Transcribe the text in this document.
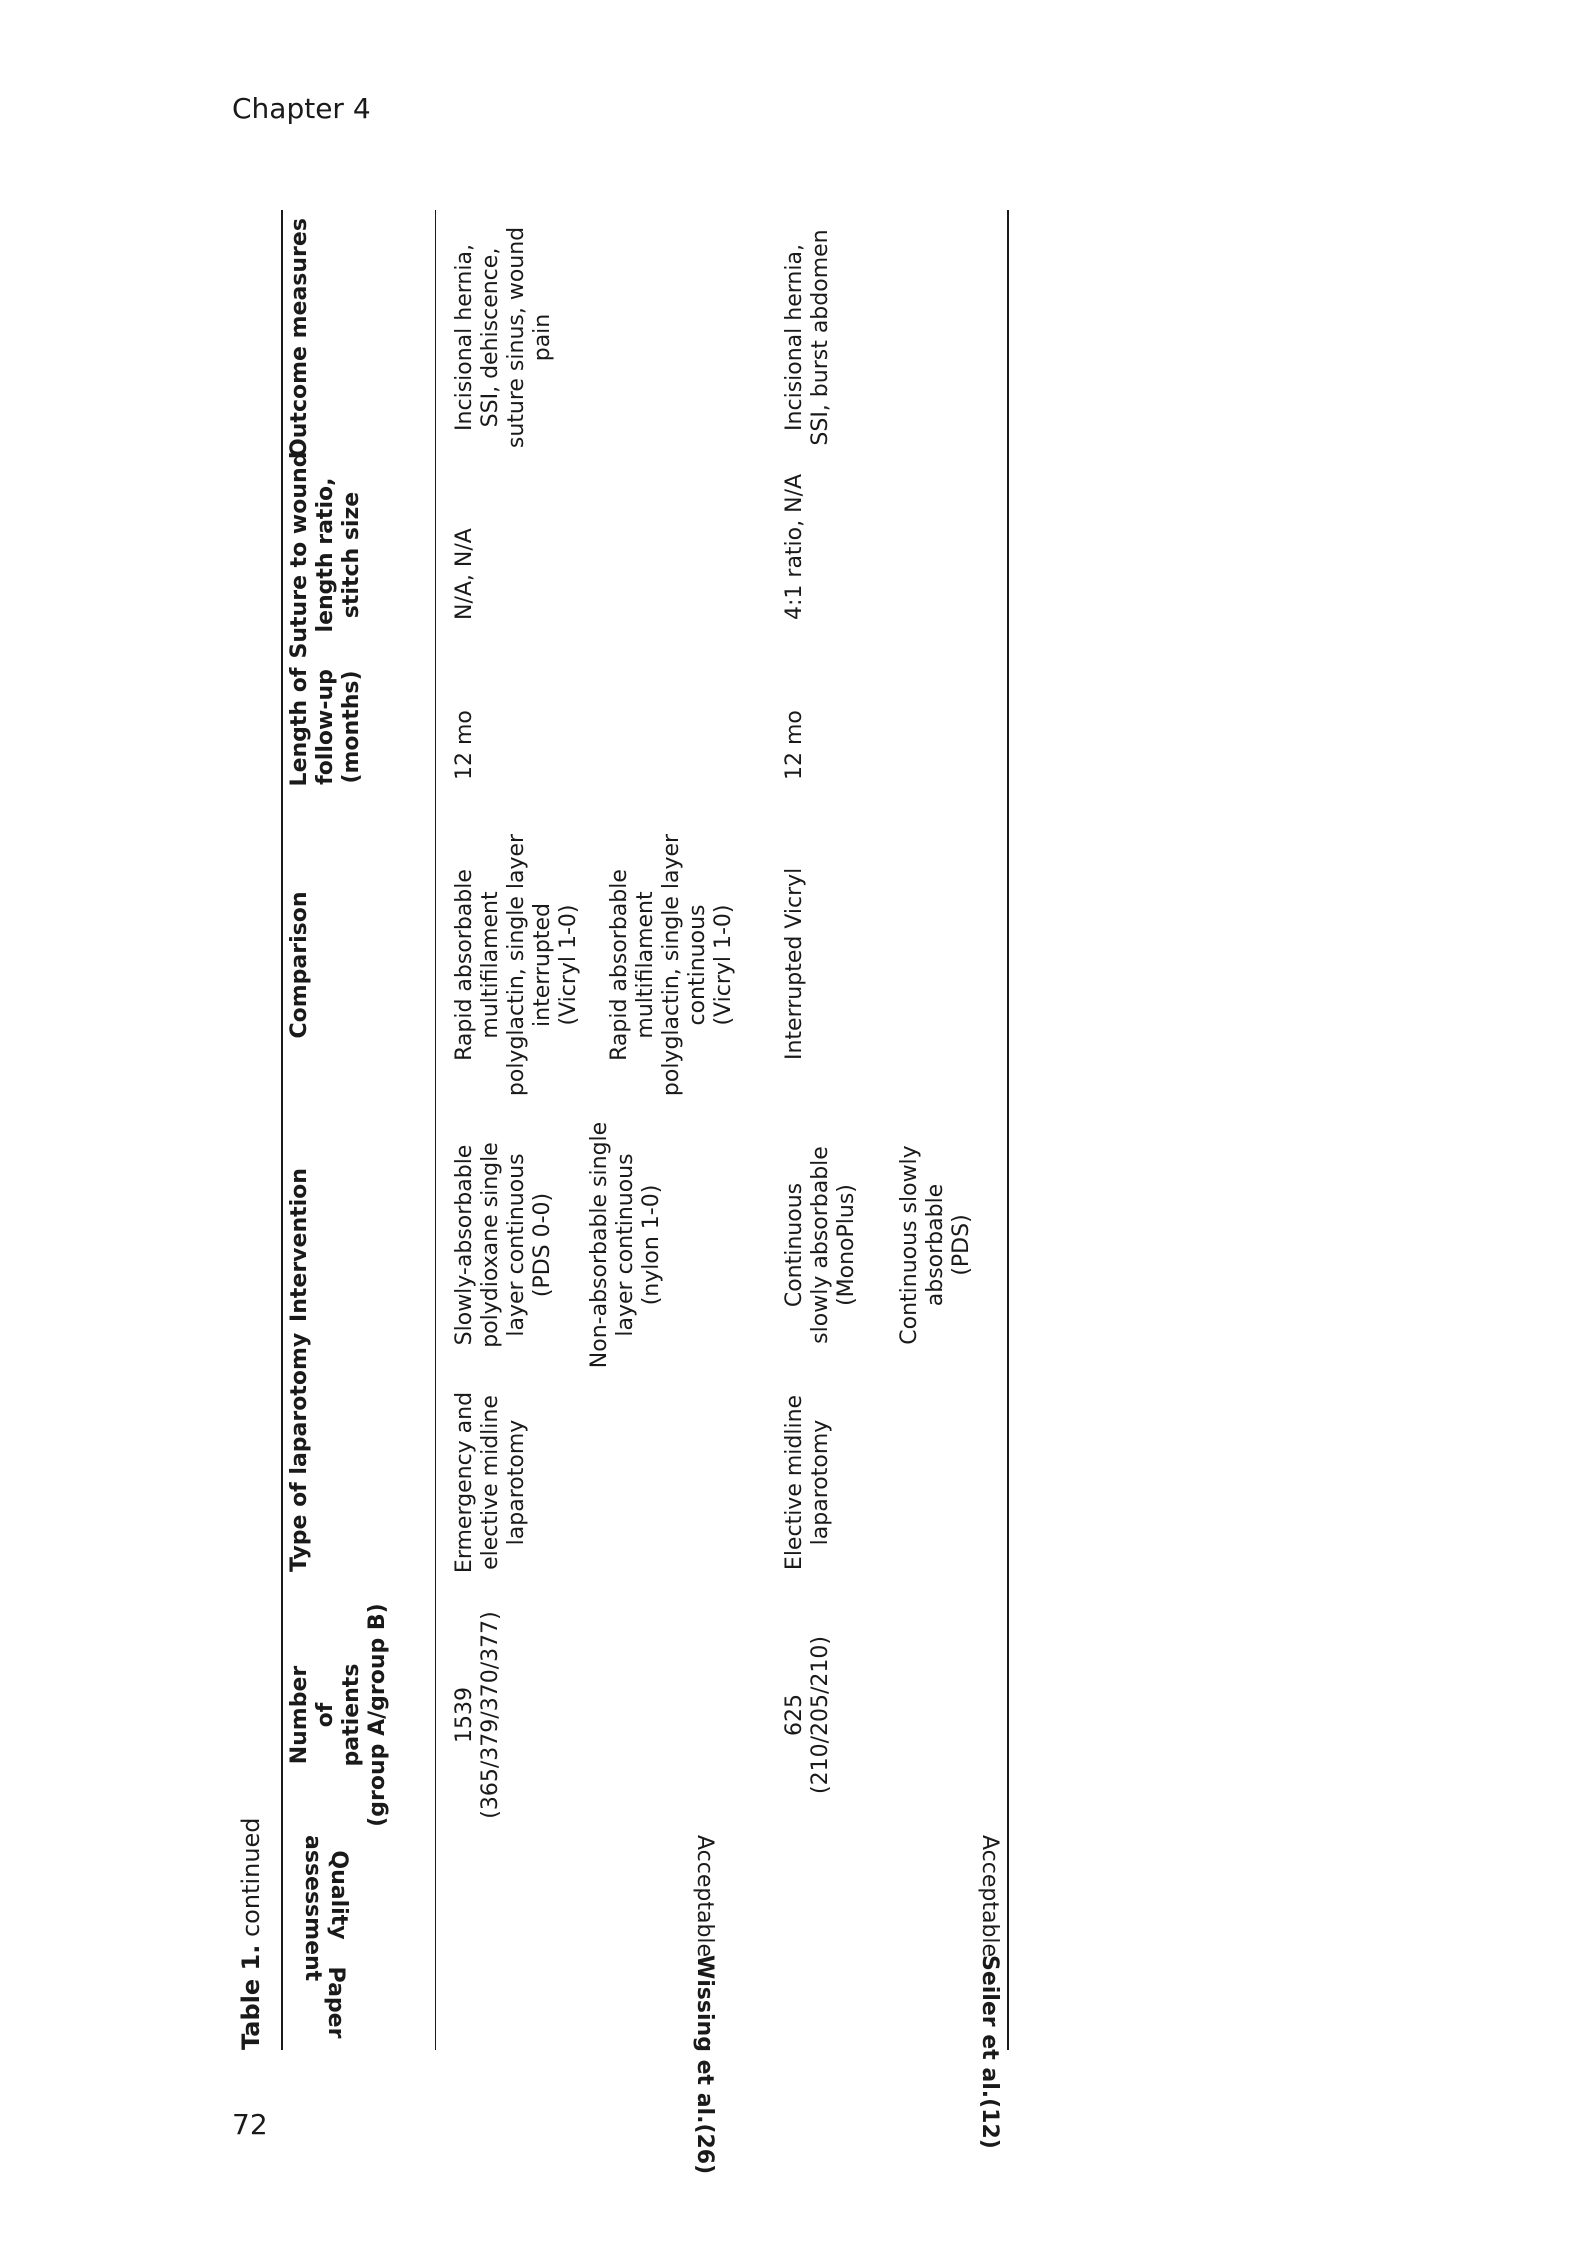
Chapter 4
72
Table 1. continued
Paper
Quality
assessment
Number
of
patients
(group A/group B)
Type of laparotomy
Intervention
Comparison
Length of
follow-up
(months)
Suture to wound
length ratio,
stitch size
Outcome measures
Wissing et al.(26)
Acceptable
1539
(365/379/370/377)
Ermergency and
elective midline
laparotomy
Slowly-absorbable
polydioxane single
layer continuous
(PDS 0-0) Non-absorbable single
layer continuous
(nylon 1-0)
Rapid absorbable
multifilament
polyglactin, single layer
interrupted
(Vicryl 1-0)
Rapid absorbable
multifilament
polyglactin, single layer
continuous
(Vicryl 1-0)
12 mo
N/A, N/A
Incisional hernia,
SSI, dehiscence,
suture sinus, wound
pain
Seiler et al.(12)
Acceptable
625
(210/205/210)
Elective midline
laparotomy
Continuous
slowly absorbable
(MonoPlus) Continuous slowly
absorbable
(PDS)
Interrupted Vicryl
12 mo
4:1 ratio, N/A
Incisional hernia,
SSI, burst abdomen
